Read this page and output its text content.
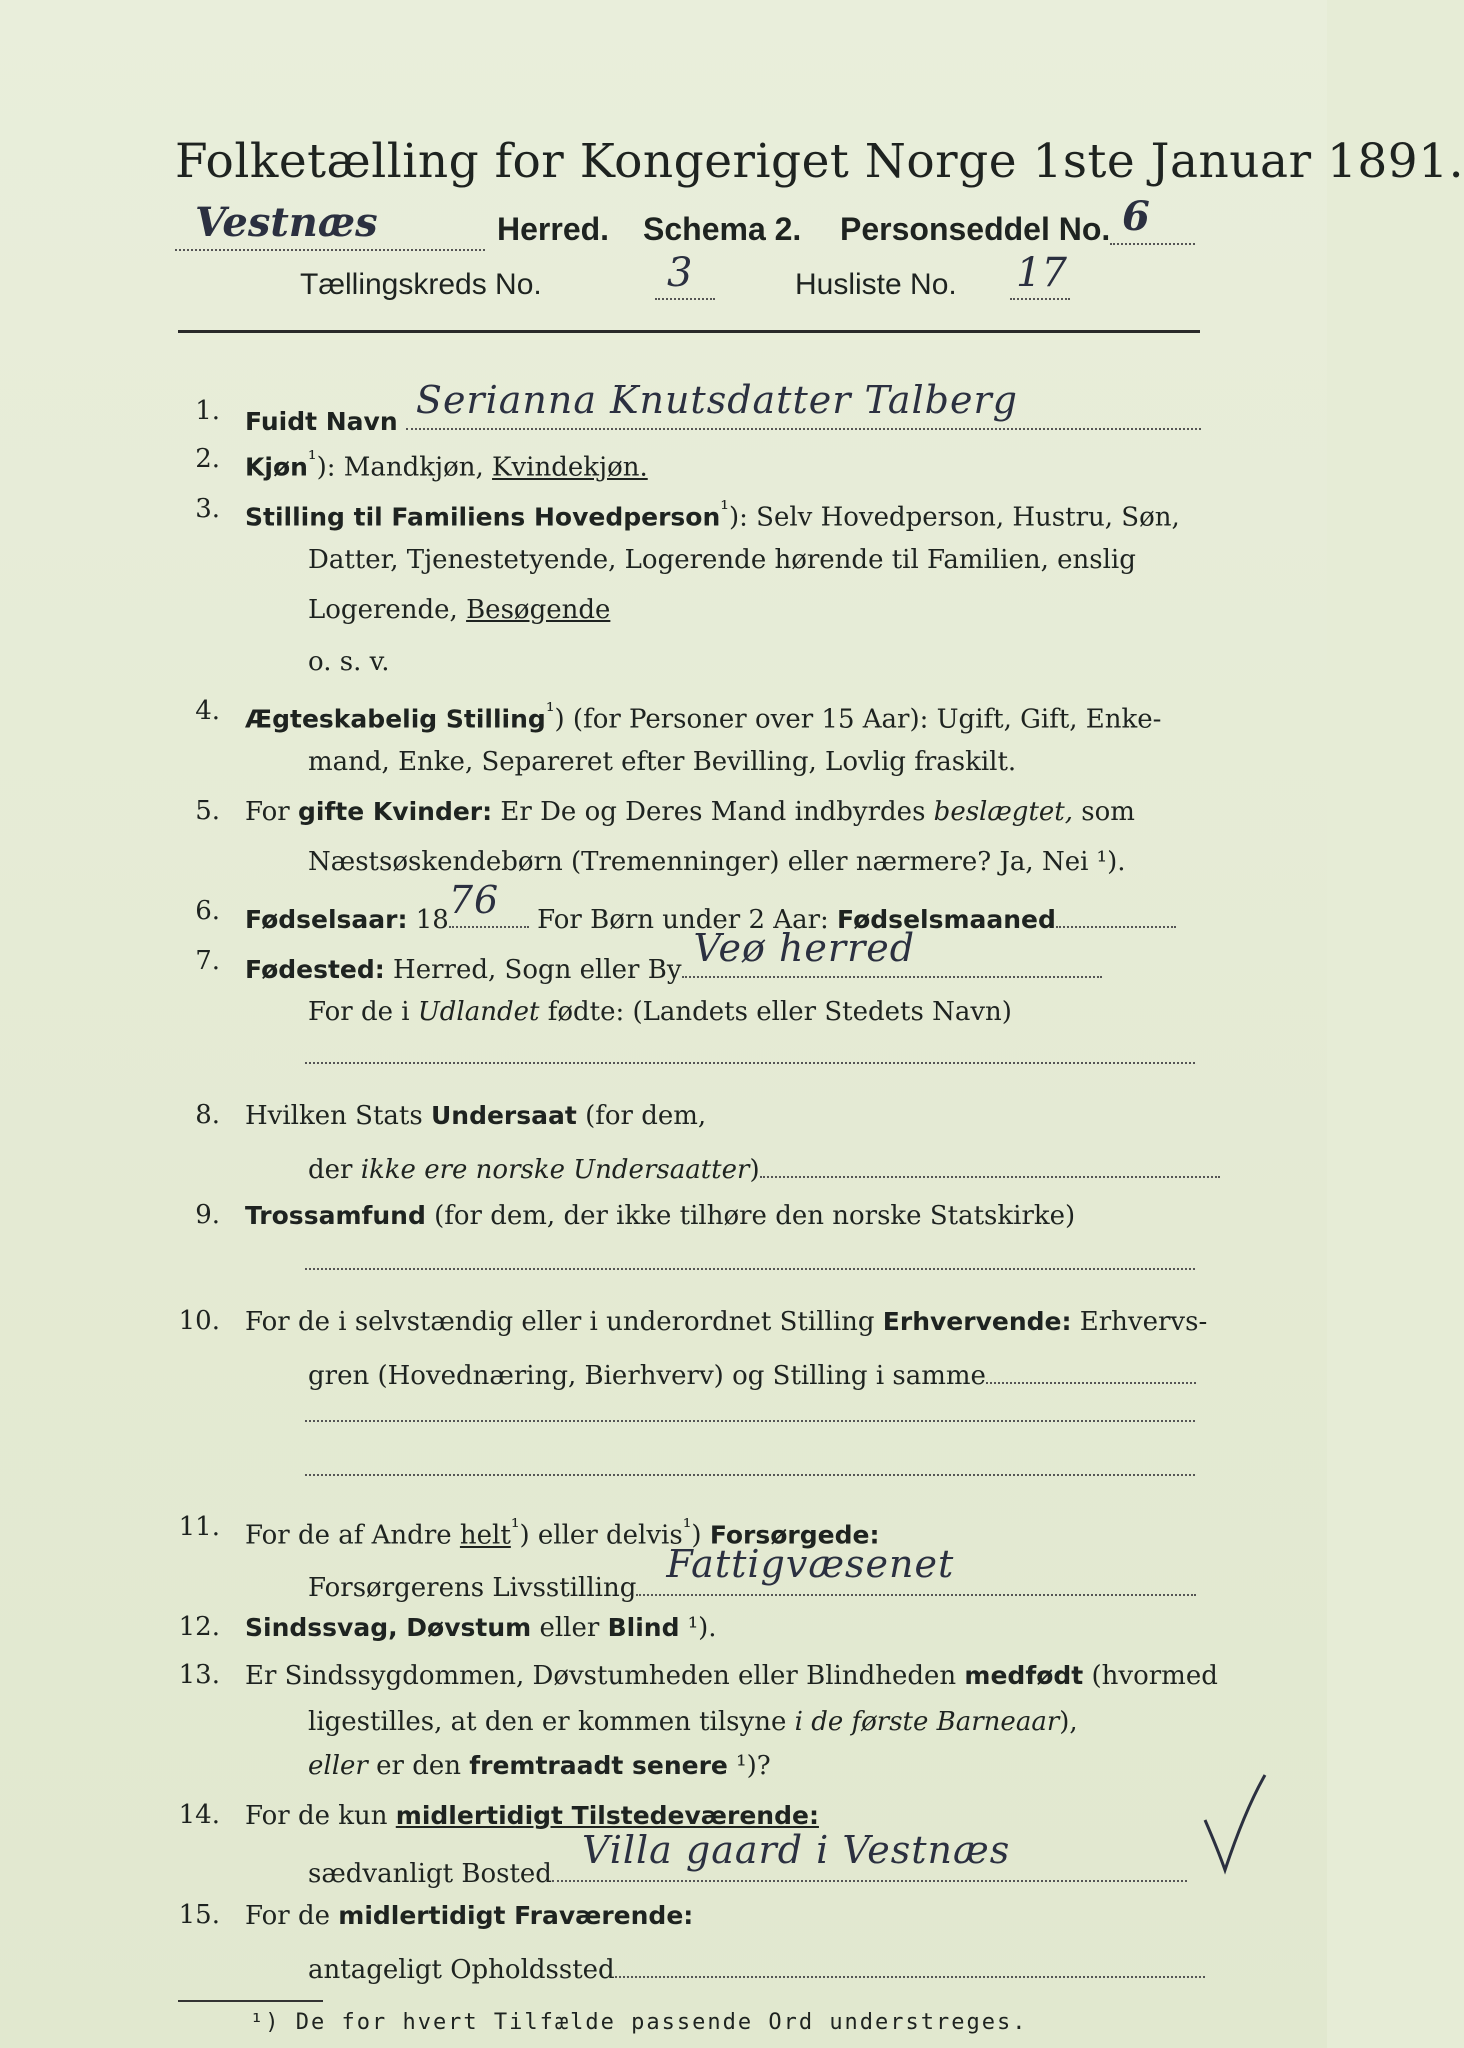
Folketælling for Kongeriget Norge 1ste Januar 1891.
Vestnæs	Herred. Schema 2. Personseddel No. 6
Tællingskreds No.	3	Husliste No. 17
1. Fuidt Navn Serianna Knutsdatter Talberg
2. Kjøn$^{^1}$): Mandkjøn, Kvindekjøn.
3. Stilling til Familiens Hovedperson$^{^1}$): Selv Hovedperson, Hustru, Søn,
Datter, Tjenestetyende, Logerende hørende til Familien, enslig
Logerende, Besøgende
o. s. v.
4. Ægteskabelig Stilling$^{^1}$) (for Personer over 15 Aar): Ugift, Gift, Enke-
mand, Enke, Separeret efter Bevilling, Lovlig fraskilt.
5. For gifte Kvinder: Er De og Deres Mand indbyrdes beslægtet, som
Næstsøskendebørn (Tremenninger) eller nærmere? Ja, Nei ¹).
6. Fødselsaar: 18 76 For Børn under 2 Aar: Fødselsmaaned
7. Fødested: Herred, Sogn eller By Veø herred
For de i Udlandet fødte: (Landets eller Stedets Navn)
8. Hvilken Stats Undersaat (for dem,
der ikke ere norske Undersaatter)
9. Trossamfund (for dem, der ikke tilhøre den norske Statskirke)
10. For de i selvstændig eller i underordnet Stilling Erhvervende: Erhvervs-
gren (Hovednæring, Bierhverv) og Stilling i samme
11. For de af Andre helt$^{^1}$) eller delvis$^{^1}$) Forsørgede:
Forsørgerens Livsstilling
Fattigvæsenet
12. Sindssvag, Døvstum eller Blind ¹).
13. Er Sindssygdommen, Døvstumheden eller Blindheden medfødt (hvormed
ligestilles, at den er kommen tilsyne i de første Barneaar),
eller er den fremtraadt senere ¹)?
14. For de kun midlertidigt Tilstedeværende:
sædvanligt Bosted
Villa gaard i Vestnæs
15. For de midlertidigt Fraværende:
antageligt Opholdssted
¹) De for hvert Tilfælde passende Ord understreges.
